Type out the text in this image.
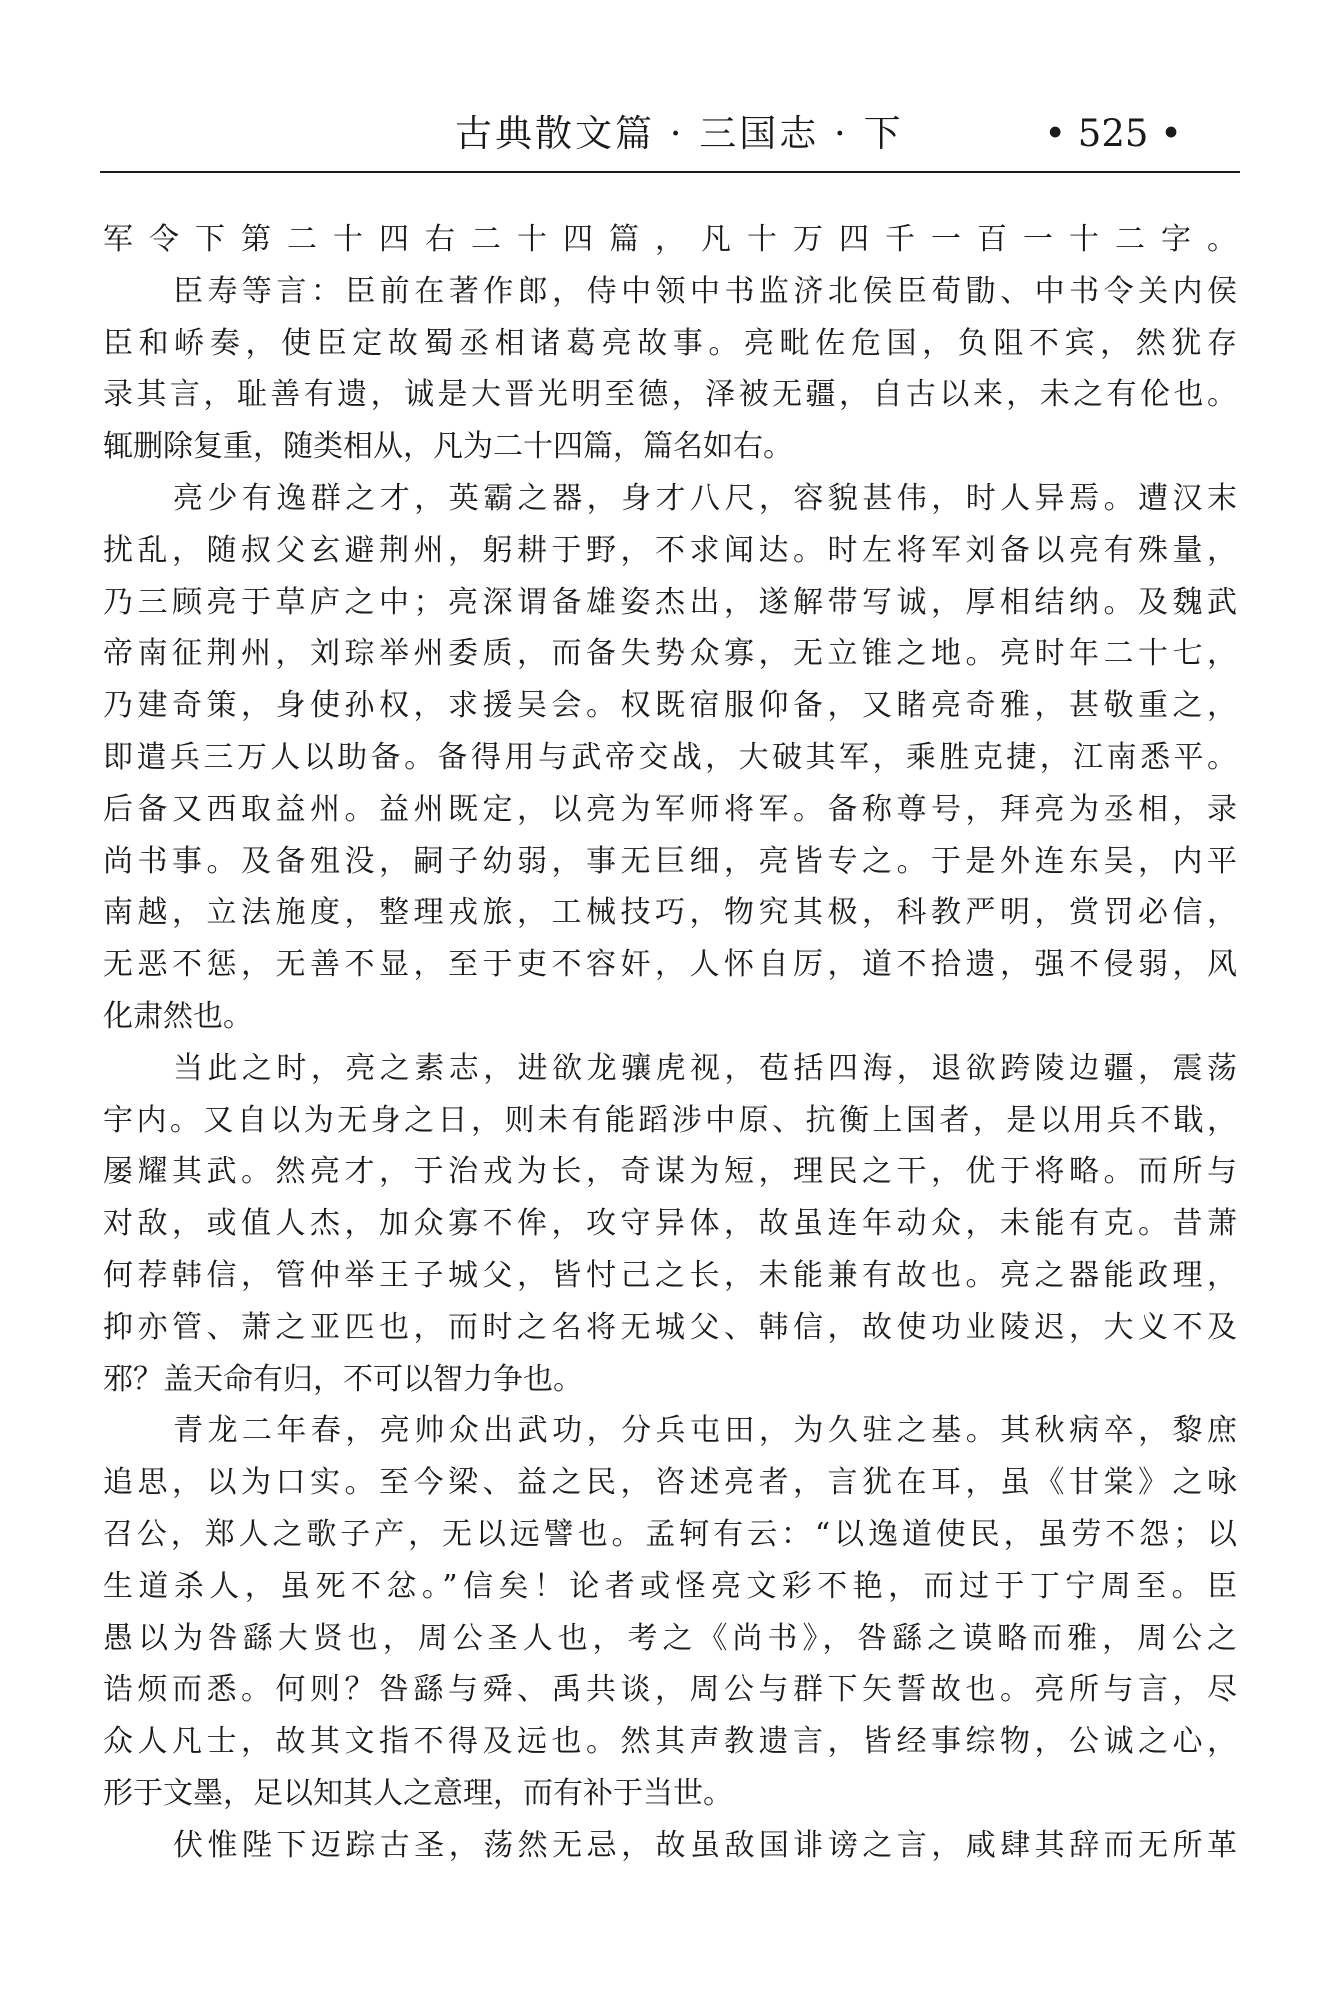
古典散文篇 · 三国志 · 下	• 525 •
军令下第二十四右二十四篇，凡十万四千一百一十二字。
臣寿等言：臣前在著作郎，侍中领中书监济北侯臣荀勖、中书令关内侯
臣和峤奏，使臣定故蜀丞相诸葛亮故事。亮毗佐危国，负阻不宾，然犹存
录其言，耻善有遗，诚是大晋光明至德，泽被无疆，自古以来，未之有伦也。
辄删除复重，随类相从，凡为二十四篇，篇名如右。
亮少有逸群之才，英霸之器，身才八尺，容貌甚伟，时人异焉。遭汉末
扰乱，随叔父玄避荆州，躬耕于野，不求闻达。时左将军刘备以亮有殊量，
乃三顾亮于草庐之中；亮深谓备雄姿杰出，遂解带写诚，厚相结纳。及魏武
帝南征荆州，刘琮举州委质，而备失势众寡，无立锥之地。亮时年二十七，
乃建奇策，身使孙权，求援吴会。权既宿服仰备，又睹亮奇雅，甚敬重之，
即遣兵三万人以助备。备得用与武帝交战，大破其军，乘胜克捷，江南悉平。
后备又西取益州。益州既定，以亮为军师将军。备称尊号，拜亮为丞相，录
尚书事。及备殂没，嗣子幼弱，事无巨细，亮皆专之。于是外连东吴，内平
南越，立法施度，整理戎旅，工械技巧，物究其极，科教严明，赏罚必信，
无恶不惩，无善不显，至于吏不容奸，人怀自厉，道不拾遗，强不侵弱，风
化肃然也。
当此之时，亮之素志，进欲龙骧虎视，苞括四海，退欲跨陵边疆，震荡
宇内。又自以为无身之日，则未有能蹈涉中原、抗衡上国者，是以用兵不戢，
屡耀其武。然亮才，于治戎为长，奇谋为短，理民之干，优于将略。而所与
对敌，或值人杰，加众寡不侔，攻守异体，故虽连年动众，未能有克。昔萧
何荐韩信，管仲举王子城父，皆忖己之长，未能兼有故也。亮之器能政理，
抑亦管、萧之亚匹也，而时之名将无城父、韩信，故使功业陵迟，大义不及
邪？盖天命有归，不可以智力争也。
青龙二年春，亮帅众出武功，分兵屯田，为久驻之基。其秋病卒，黎庶
追思，以为口实。至今梁、益之民，咨述亮者，言犹在耳，虽《甘棠》之咏
召公，郑人之歌子产，无以远譬也。孟轲有云：“以逸道使民，虽劳不怨；以
生道杀人，虽死不忿。”信矣！论者或怪亮文彩不艳，而过于丁宁周至。臣
愚以为咎繇大贤也，周公圣人也，考之《尚书》，咎繇之谟略而雅，周公之
诰烦而悉。何则？咎繇与舜、禹共谈，周公与群下矢誓故也。亮所与言，尽
众人凡士，故其文指不得及远也。然其声教遗言，皆经事综物，公诚之心，
形于文墨，足以知其人之意理，而有补于当世。
伏惟陛下迈踪古圣，荡然无忌，故虽敌国诽谤之言，咸肆其辞而无所革
